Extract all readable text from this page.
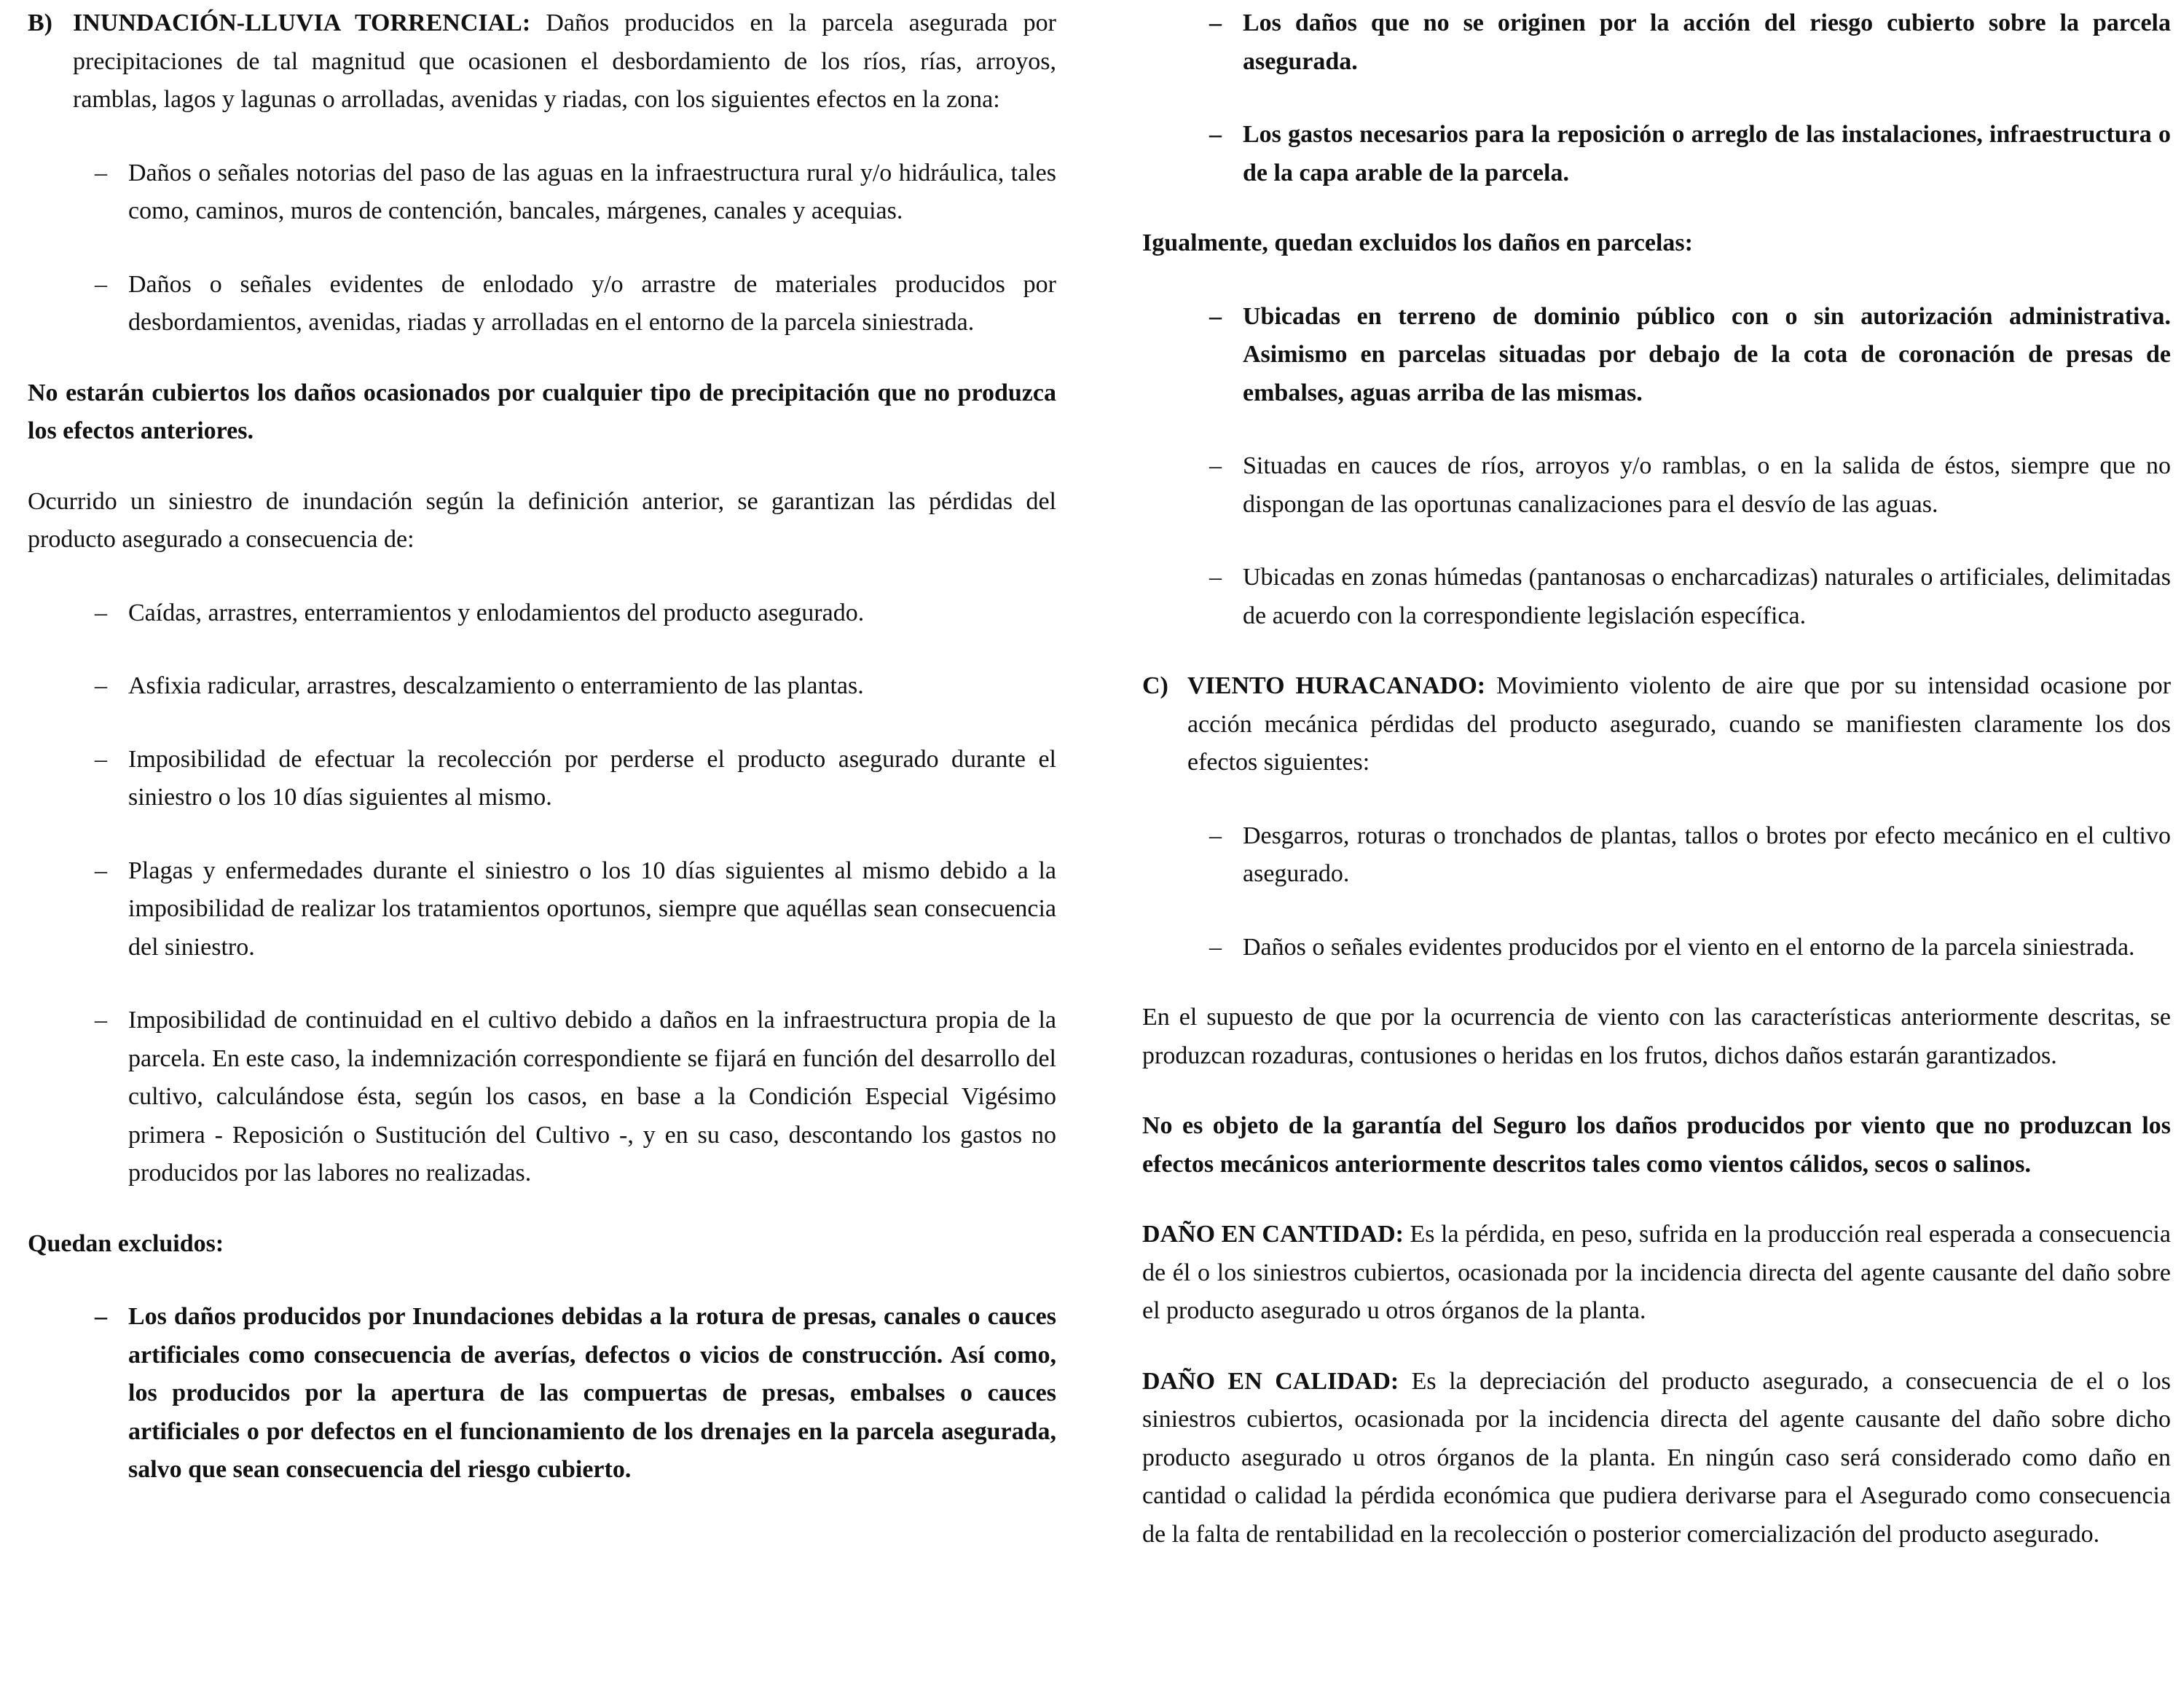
B) INUNDACIÓN-LLUVIA TORRENCIAL: Daños producidos en la parcela asegurada por precipitaciones de tal magnitud que ocasionen el desbordamiento de los ríos, rías, arroyos, ramblas, lagos y lagunas o arrolladas, avenidas y riadas, con los siguientes efectos en la zona:

– Daños o señales notorias del paso de las aguas en la infraestructura rural y/o hidráulica, tales como, caminos, muros de contención, bancales, márgenes, canales y acequias.

– Daños o señales evidentes de enlodado y/o arrastre de materiales producidos por desbordamientos, avenidas, riadas y arrolladas en el entorno de la parcela siniestrada.

No estarán cubiertos los daños ocasionados por cualquier tipo de precipitación que no produzca los efectos anteriores.

Ocurrido un siniestro de inundación según la definición anterior, se garantizan las pérdidas del producto asegurado a consecuencia de:

– Caídas, arrastres, enterramientos y enlodamientos del producto asegurado.

– Asfixia radicular, arrastres, descalzamiento o enterramiento de las plantas.

– Imposibilidad de efectuar la recolección por perderse el producto asegurado durante el siniestro o los 10 días siguientes al mismo.

– Plagas y enfermedades durante el siniestro o los 10 días siguientes al mismo debido a la imposibilidad de realizar los tratamientos oportunos, siempre que aquéllas sean consecuencia del siniestro.

– Imposibilidad de continuidad en el cultivo debido a daños en la infraestructura propia de la parcela. En este caso, la indemnización correspondiente se fijará en función del desarrollo del cultivo, calculándose ésta, según los casos, en base a la Condición Especial Vigésimo primera - Reposición o Sustitución del Cultivo -, y en su caso, descontando los gastos no producidos por las labores no realizadas.

Quedan excluidos:

– Los daños producidos por Inundaciones debidas a la rotura de presas, canales o cauces artificiales como consecuencia de averías, defectos o vicios de construcción. Así como, los producidos por la apertura de las compuertas de presas, embalses o cauces artificiales o por defectos en el funcionamiento de los drenajes en la parcela asegurada, salvo que sean consecuencia del riesgo cubierto.

– Los daños que no se originen por la acción del riesgo cubierto sobre la parcela asegurada.

– Los gastos necesarios para la reposición o arreglo de las instalaciones, infraestructura o de la capa arable de la parcela.

Igualmente, quedan excluidos los daños en parcelas:

– Ubicadas en terreno de dominio público con o sin autorización administrativa. Asimismo en parcelas situadas por debajo de la cota de coronación de presas de embalses, aguas arriba de las mismas.

– Situadas en cauces de ríos, arroyos y/o ramblas, o en la salida de éstos, siempre que no dispongan de las oportunas canalizaciones para el desvío de las aguas.

– Ubicadas en zonas húmedas (pantanosas o encharcadizas) naturales o artificiales, delimitadas de acuerdo con la correspondiente legislación específica.

C) VIENTO HURACANADO: Movimiento violento de aire que por su intensidad ocasione por acción mecánica pérdidas del producto asegurado, cuando se manifiesten claramente los dos efectos siguientes:

– Desgarros, roturas o tronchados de plantas, tallos o brotes por efecto mecánico en el cultivo asegurado.

– Daños o señales evidentes producidos por el viento en el entorno de la parcela siniestrada.

En el supuesto de que por la ocurrencia de viento con las características anteriormente descritas, se produzcan rozaduras, contusiones o heridas en los frutos, dichos daños estarán garantizados.

No es objeto de la garantía del Seguro los daños producidos por viento que no produzcan los efectos mecánicos anteriormente descritos tales como vientos cálidos, secos o salinos.

DAÑO EN CANTIDAD: Es la pérdida, en peso, sufrida en la producción real esperada a consecuencia de él o los siniestros cubiertos, ocasionada por la incidencia directa del agente causante del daño sobre el producto asegurado u otros órganos de la planta.

DAÑO EN CALIDAD: Es la depreciación del producto asegurado, a consecuencia de el o los siniestros cubiertos, ocasionada por la incidencia directa del agente causante del daño sobre dicho producto asegurado u otros órganos de la planta. En ningún caso será considerado como daño en cantidad o calidad la pérdida económica que pudiera derivarse para el Asegurado como consecuencia de la falta de rentabilidad en la recolección o posterior comercialización del producto asegurado.
